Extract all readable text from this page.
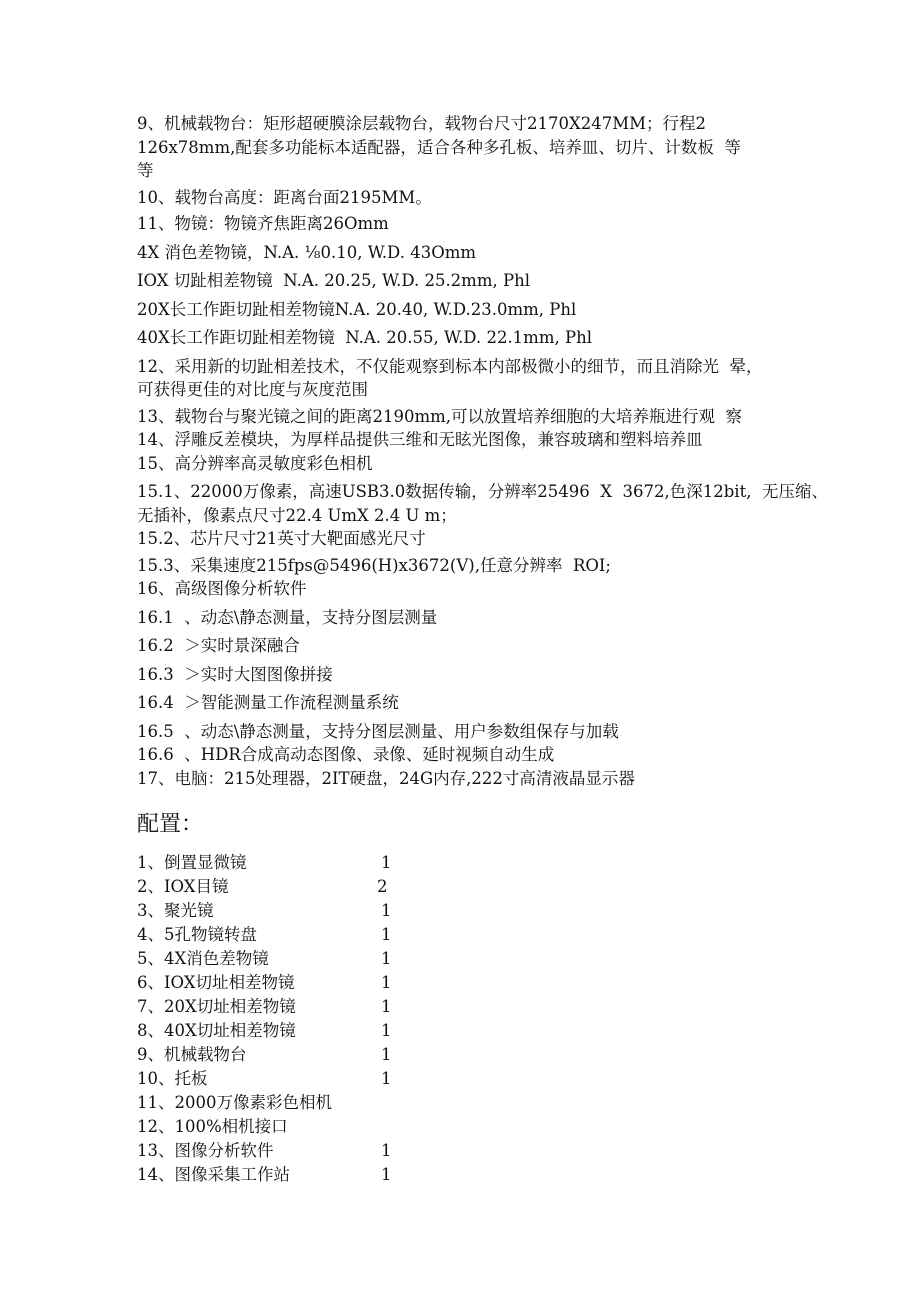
9、机械载物台：矩形超硬膜涂层载物台，载物台尺寸2170X247MM；行程2

126x78mm,配套多功能标本适配器，适合各种多孔板、培养皿、切片、计数板  等

等

10、载物台高度：距离台面2195MM。

11、物镜：物镜齐焦距离26Omm

4X 消色差物镜，N.A. ⅛0.10, W.D. 43Omm

IOX 切趾相差物镜  N.A. 20.25, W.D. 25.2mm, Phl

20X长工作距切趾相差物镜N.A. 20.40, W.D.23.0mm, Phl

40X长工作距切趾相差物镜  N.A. 20.55, W.D. 22.1mm, Phl

12、采用新的切趾相差技术，不仅能观察到标本内部极微小的细节，而且消除光  晕，

可获得更佳的对比度与灰度范围

13、载物台与聚光镜之间的距离2190mm,可以放置培养细胞的大培养瓶进行观  察

14、浮雕反差模块，为厚样品提供三维和无眩光图像，兼容玻璃和塑料培养皿

15、高分辨率高灵敏度彩色相机

15.1、22000万像素，高速USB3.0数据传输，分辨率25496  X  3672,色深12bit,  无压缩、

无插补，像素点尺寸22.4 UmX 2.4 U m；

15.2、芯片尺寸21英寸大靶面感光尺寸

15.3、采集速度215fps@5496(H)x3672(V),任意分辨率  ROI;

16、高级图像分析软件

16.1  、动态\静态测量，支持分图层测量

16.2  ＞实时景深融合

16.3  ＞实时大图图像拼接

16.4  ＞智能测量工作流程测量系统

16.5  、动态\静态测量，支持分图层测量、用户参数组保存与加载

16.6  、HDR合成高动态图像、录像、延时视频自动生成

17、电脑：215处理器，2IT硬盘，24G内存,222寸高清液晶显示器

配置：
1、倒置显微镜	1
2、IOX目镜	2
3、聚光镜	1
4、5孔物镜转盘	1
5、4X消色差物镜	1
6、IOX切址相差物镜	1
7、20X切址相差物镜	1
8、40X切址相差物镜	1
9、机械载物台	1
10、托板	1
11、2000万像素彩色相机
12、100%相机接口
13、图像分析软件	1
14、图像采集工作站	1
